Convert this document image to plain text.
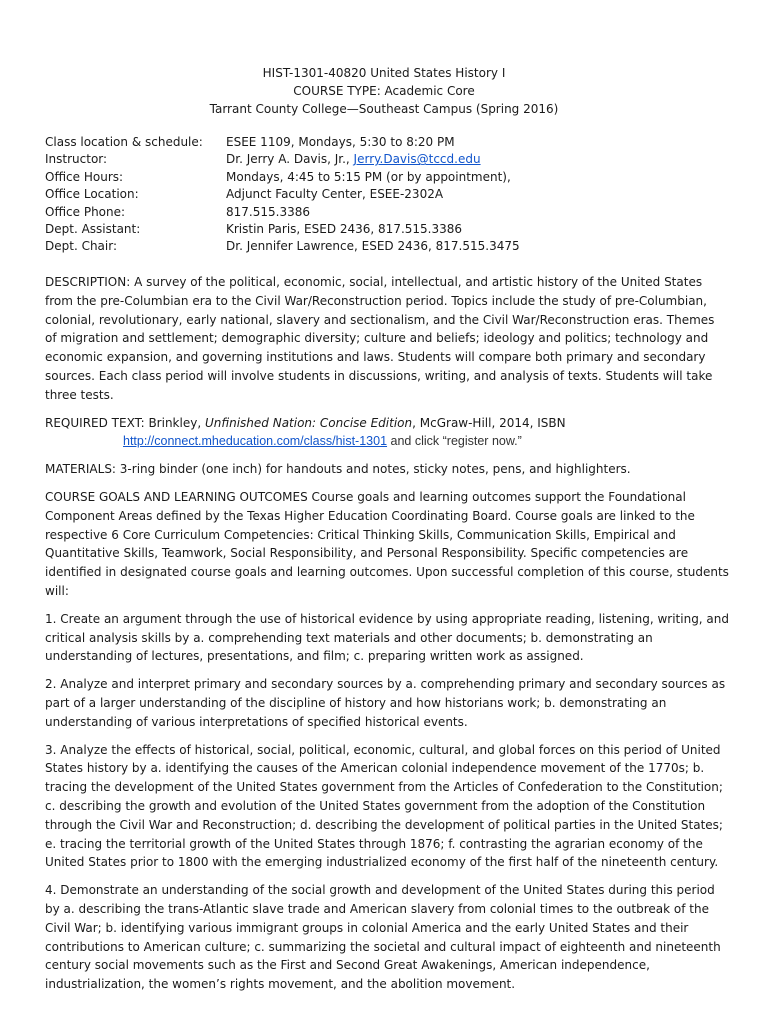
HIST-1301-40820 United States History I
COURSE TYPE: Academic Core
Tarrant County College—Southeast Campus (Spring 2016)
Class location & schedule:	ESEE 1109, Mondays, 5:30 to 8:20 PM
Instructor:	Dr. Jerry A. Davis, Jr., Jerry.Davis@tccd.edu
Office Hours:	Mondays, 4:45 to 5:15 PM (or by appointment),
Office Location:	Adjunct Faculty Center, ESEE-2302A
Office Phone:	817.515.3386
Dept. Assistant:	Kristin Paris, ESED 2436, 817.515.3386
Dept. Chair:	Dr. Jennifer Lawrence, ESED 2436, 817.515.3475

DESCRIPTION: A survey of the political, economic, social, intellectual, and artistic history of the United States from the pre-Columbian era to the Civil War/Reconstruction period. Topics include the study of pre-Columbian, colonial, revolutionary, early national, slavery and sectionalism, and the Civil War/Reconstruction eras. Themes of migration and settlement; demographic diversity; culture and beliefs; ideology and politics; technology and economic expansion, and governing institutions and laws. Students will compare both primary and secondary sources. Each class period will involve students in discussions, writing, and analysis of texts. Students will take three tests.

REQUIRED TEXT: Brinkley, Unfinished Nation: Concise Edition, McGraw-Hill, 2014, ISBN
http://connect.mheducation.com/class/hist-1301 and click “register now.”

MATERIALS: 3-ring binder (one inch) for handouts and notes, sticky notes, pens, and highlighters.

COURSE GOALS AND LEARNING OUTCOMES Course goals and learning outcomes support the Foundational Component Areas defined by the Texas Higher Education Coordinating Board. Course goals are linked to the respective 6 Core Curriculum Competencies: Critical Thinking Skills, Communication Skills, Empirical and Quantitative Skills, Teamwork, Social Responsibility, and Personal Responsibility. Specific competencies are identified in designated course goals and learning outcomes. Upon successful completion of this course, students will:

1. Create an argument through the use of historical evidence by using appropriate reading, listening, writing, and critical analysis skills by a. comprehending text materials and other documents; b. demonstrating an understanding of lectures, presentations, and film; c. preparing written work as assigned.

2. Analyze and interpret primary and secondary sources by a. comprehending primary and secondary sources as part of a larger understanding of the discipline of history and how historians work; b. demonstrating an understanding of various interpretations of specified historical events.

3. Analyze the effects of historical, social, political, economic, cultural, and global forces on this period of United States history by a. identifying the causes of the American colonial independence movement of the 1770s; b. tracing the development of the United States government from the Articles of Confederation to the Constitution; c. describing the growth and evolution of the United States government from the adoption of the Constitution through the Civil War and Reconstruction; d. describing the development of political parties in the United States; e. tracing the territorial growth of the United States through 1876; f. contrasting the agrarian economy of the United States prior to 1800 with the emerging industrialized economy of the first half of the nineteenth century.

4. Demonstrate an understanding of the social growth and development of the United States during this period by a. describing the trans-Atlantic slave trade and American slavery from colonial times to the outbreak of the Civil War; b. identifying various immigrant groups in colonial America and the early United States and their contributions to American culture; c. summarizing the societal and cultural impact of eighteenth and nineteenth century social movements such as the First and Second Great Awakenings, American independence, industrialization, the women’s rights movement, and the abolition movement.
